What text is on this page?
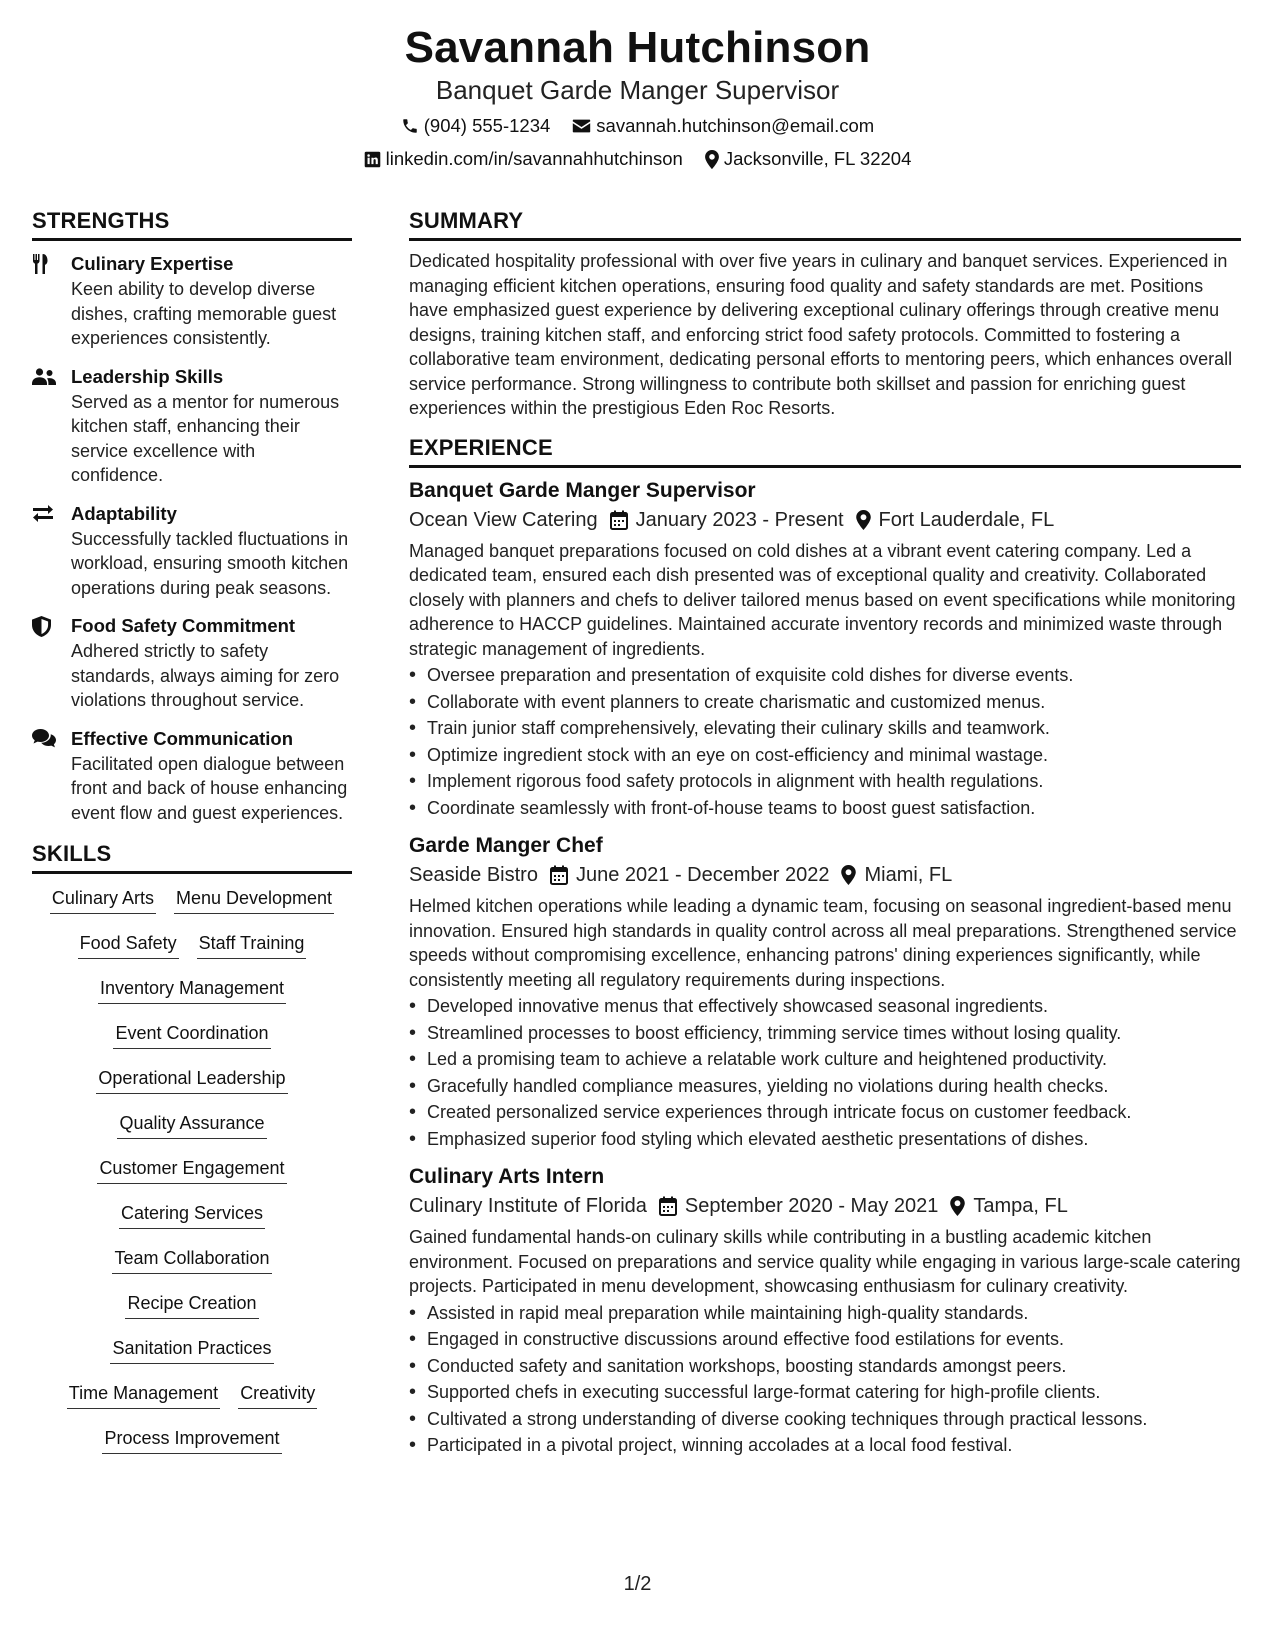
Savannah Hutchinson
Banquet Garde Manger Supervisor
(904) 555-1234 savannah.hutchinson@email.com
linkedin.com/in/savannahhutchinson Jacksonville, FL 32204
STRENGTHS
Culinary Expertise
Keen ability to develop diverse dishes, crafting memorable guest experiences consistently.
Leadership Skills
Served as a mentor for numerous kitchen staff, enhancing their service excellence with confidence.
Adaptability
Successfully tackled fluctuations in workload, ensuring smooth kitchen operations during peak seasons.
Food Safety Commitment
Adhered strictly to safety standards, always aiming for zero violations throughout service.
Effective Communication
Facilitated open dialogue between front and back of house enhancing event flow and guest experiences.
SKILLS
Culinary Arts Menu Development
Food Safety Staff Training
Inventory Management
Event Coordination
Operational Leadership
Quality Assurance
Customer Engagement
Catering Services
Team Collaboration
Recipe Creation
Sanitation Practices
Time Management Creativity
Process Improvement
SUMMARY
Dedicated hospitality professional with over five years in culinary and banquet services. Experienced in managing efficient kitchen operations, ensuring food quality and safety standards are met. Positions have emphasized guest experience by delivering exceptional culinary offerings through creative menu designs, training kitchen staff, and enforcing strict food safety protocols. Committed to fostering a collaborative team environment, dedicating personal efforts to mentoring peers, which enhances overall service performance. Strong willingness to contribute both skillset and passion for enriching guest experiences within the prestigious Eden Roc Resorts.
EXPERIENCE
Banquet Garde Manger Supervisor
Ocean View Catering January 2023 - Present Fort Lauderdale, FL
Managed banquet preparations focused on cold dishes at a vibrant event catering company. Led a dedicated team, ensured each dish presented was of exceptional quality and creativity. Collaborated closely with planners and chefs to deliver tailored menus based on event specifications while monitoring adherence to HACCP guidelines. Maintained accurate inventory records and minimized waste through strategic management of ingredients.
• Oversee preparation and presentation of exquisite cold dishes for diverse events.
• Collaborate with event planners to create charismatic and customized menus.
• Train junior staff comprehensively, elevating their culinary skills and teamwork.
• Optimize ingredient stock with an eye on cost-efficiency and minimal wastage.
• Implement rigorous food safety protocols in alignment with health regulations.
• Coordinate seamlessly with front-of-house teams to boost guest satisfaction.
Garde Manger Chef
Seaside Bistro June 2021 - December 2022 Miami, FL
Helmed kitchen operations while leading a dynamic team, focusing on seasonal ingredient-based menu innovation. Ensured high standards in quality control across all meal preparations. Strengthened service speeds without compromising excellence, enhancing patrons' dining experiences significantly, while consistently meeting all regulatory requirements during inspections.
• Developed innovative menus that effectively showcased seasonal ingredients.
• Streamlined processes to boost efficiency, trimming service times without losing quality.
• Led a promising team to achieve a relatable work culture and heightened productivity.
• Gracefully handled compliance measures, yielding no violations during health checks.
• Created personalized service experiences through intricate focus on customer feedback.
• Emphasized superior food styling which elevated aesthetic presentations of dishes.
Culinary Arts Intern
Culinary Institute of Florida September 2020 - May 2021 Tampa, FL
Gained fundamental hands-on culinary skills while contributing in a bustling academic kitchen environment. Focused on preparations and service quality while engaging in various large-scale catering projects. Participated in menu development, showcasing enthusiasm for culinary creativity.
• Assisted in rapid meal preparation while maintaining high-quality standards.
• Engaged in constructive discussions around effective food estilations for events.
• Conducted safety and sanitation workshops, boosting standards amongst peers.
• Supported chefs in executing successful large-format catering for high-profile clients.
• Cultivated a strong understanding of diverse cooking techniques through practical lessons.
• Participated in a pivotal project, winning accolades at a local food festival.
1/2
